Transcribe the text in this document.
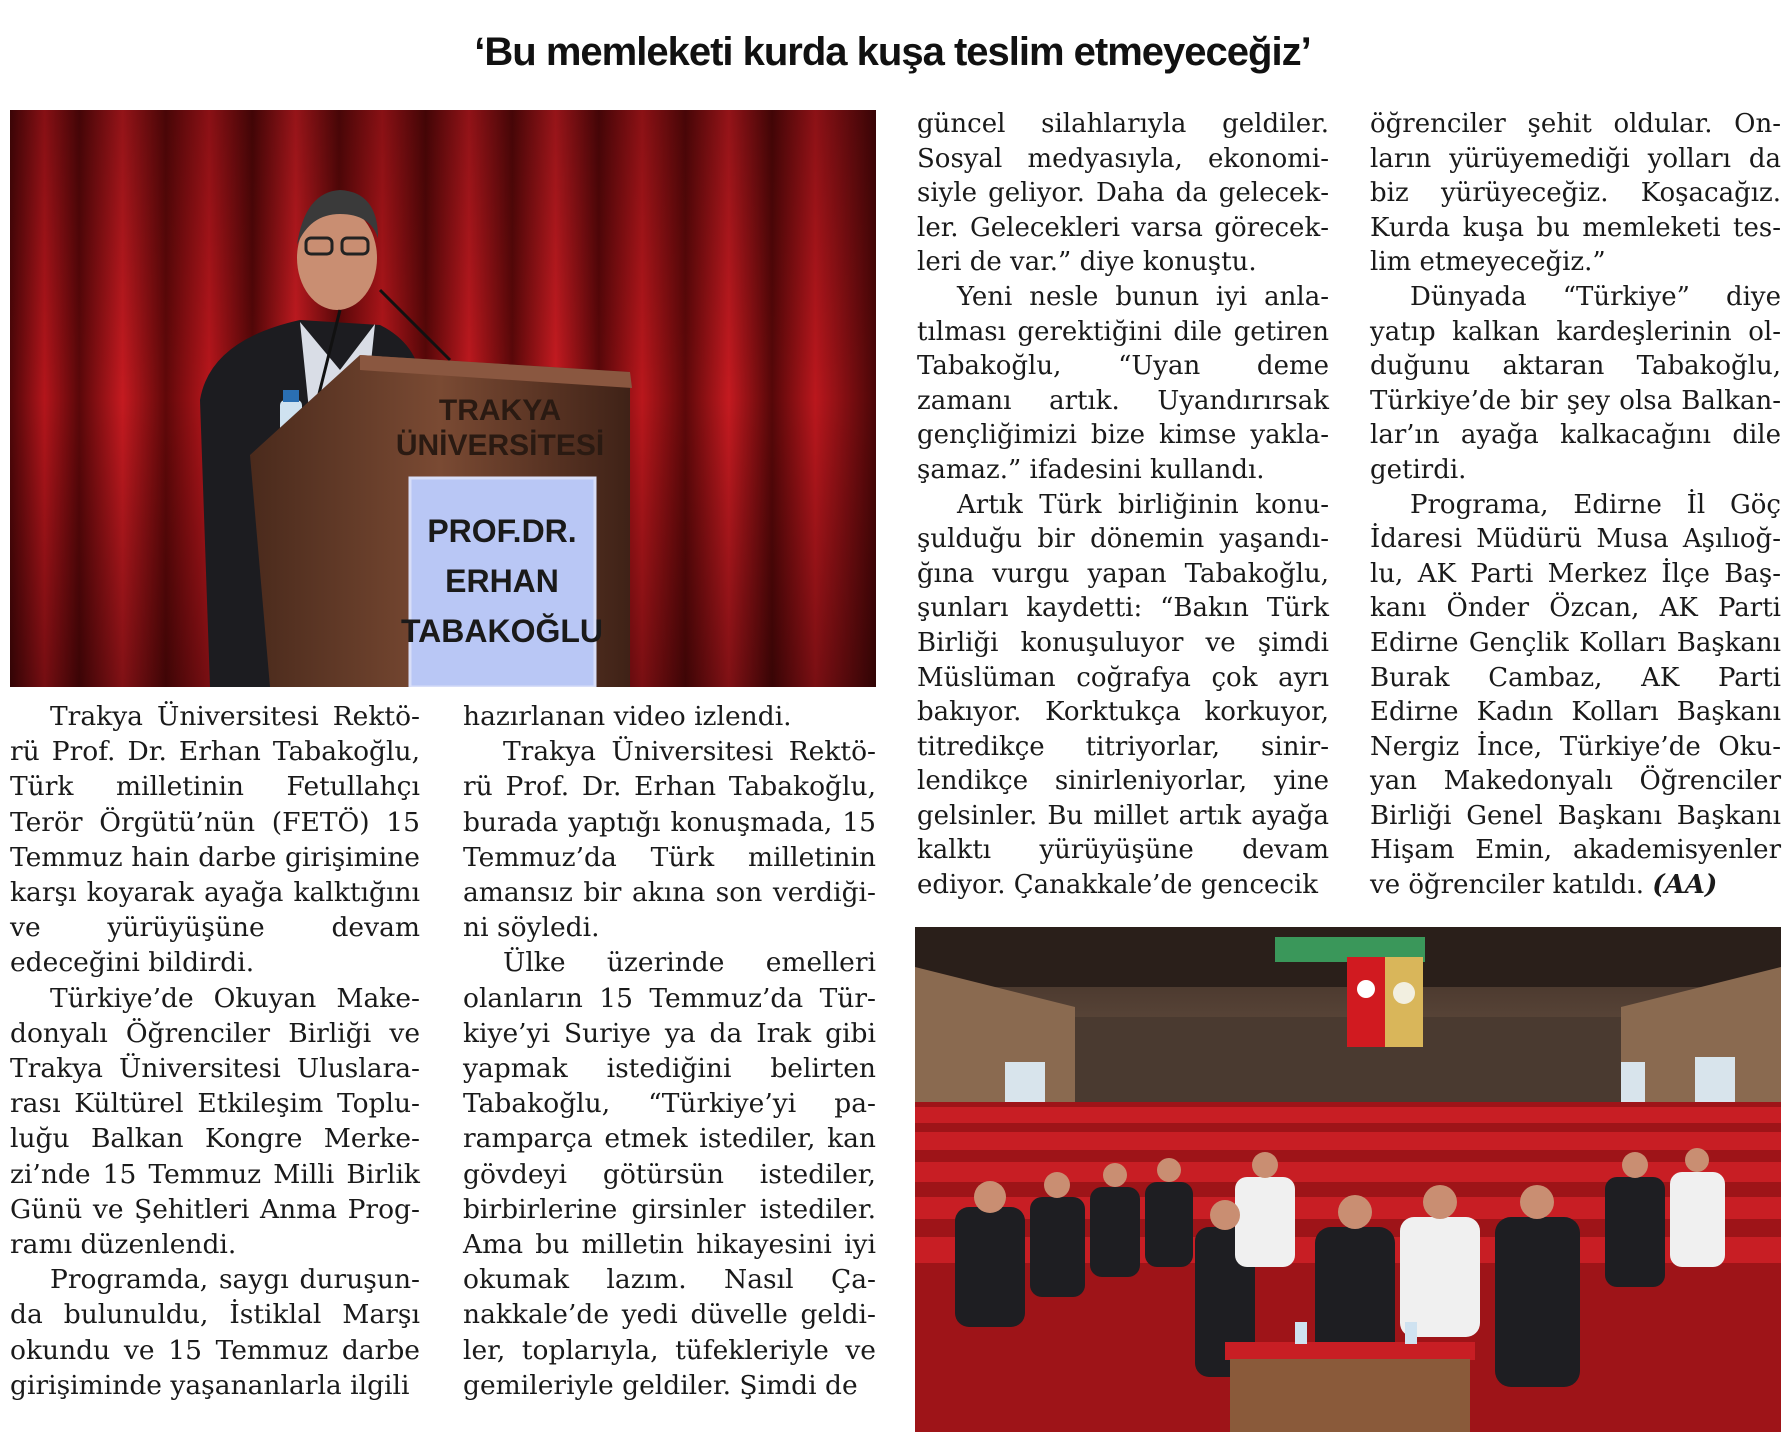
‘Bu memleketi kurda kuşa teslim etmeyeceğiz’
TRAKYA
ÜNİVERSİTESİ
PROF.DR.
ERHAN
TABAKOĞLU

Trakya Üniversitesi Rektörü Prof. Dr. Erhan Tabakoğlu, Türk milletinin Fetullahçı Terör Örgütü’nün (FETÖ) 15 Temmuz hain darbe girişimine karşı koyarak ayağa kalktığını ve yürüyüşüne devam edeceğini bildirdi.

Türkiye’de Okuyan Makedonyalı Öğrenciler Birliği ve Trakya Üniversitesi Uluslararası Kültürel Etkileşim Topluluğu Balkan Kongre Merkezi’nde 15 Temmuz Milli Birlik Günü ve Şehitleri Anma Programı düzenlendi.

Programda, saygı duruşunda bulunuldu, İstiklal Marşı okundu ve 15 Temmuz darbe girişiminde yaşananlarla ilgili

hazırlanan video izlendi.

Trakya Üniversitesi Rektörü Prof. Dr. Erhan Tabakoğlu, burada yaptığı konuşmada, 15 Temmuz’da Türk milletinin amansız bir akına son verdiğini söyledi.

Ülke üzerinde emelleri olanların 15 Temmuz’da Türkiye’yi Suriye ya da Irak gibi yapmak istediğini belirten Tabakoğlu, “Türkiye’yi paramparça etmek istediler, kan gövdeyi götürsün istediler, birbirlerine girsinler istediler. Ama bu milletin hikayesini iyi okumak lazım. Nasıl Çanakkale’de yedi düvelle geldiler, toplarıyla, tüfekleriyle ve gemileriyle geldiler. Şimdi de

güncel silahlarıyla geldiler. Sosyal medyasıyla, ekonomisiyle geliyor. Daha da gelecekler. Gelecekleri varsa görecekleri de var.” diye konuştu.

Yeni nesle bunun iyi anlatılması gerektiğini dile getiren Tabakoğlu, “Uyan deme zamanı artık. Uyandırırsak gençliğimizi bize kimse yaklaşamaz.” ifadesini kullandı.

Artık Türk birliğinin konuşulduğu bir dönemin yaşandığına vurgu yapan Tabakoğlu, şunları kaydetti: “Bakın Türk Birliği konuşuluyor ve şimdi Müslüman coğrafya çok ayrı bakıyor. Korktukça korkuyor, titredikçe titriyorlar, sinirlendikçe sinirleniyorlar, yine gelsinler. Bu millet artık ayağa kalktı yürüyüşüne devam ediyor. Çanakkale’de gencecik

öğrenciler şehit oldular. Onların yürüyemediği yolları da biz yürüyeceğiz. Koşacağız. Kurda kuşa bu memleketi teslim etmeyeceğiz.”

Dünyada “Türkiye” diye yatıp kalkan kardeşlerinin olduğunu aktaran Tabakoğlu, Türkiye’de bir şey olsa Balkanlar’ın ayağa kalkacağını dile getirdi.

Programa, Edirne İl Göç İdaresi Müdürü Musa Aşılıoğlu, AK Parti Merkez İlçe Başkanı Önder Özcan, AK Parti Edirne Gençlik Kolları Başkanı Burak Cambaz, AK Parti Edirne Kadın Kolları Başkanı Nergiz İnce, Türkiye’de Okuyan Makedonyalı Öğrenciler Birliği Genel Başkanı Başkanı Hişam Emin, akademisyenler ve öğrenciler katıldı. (AA)
